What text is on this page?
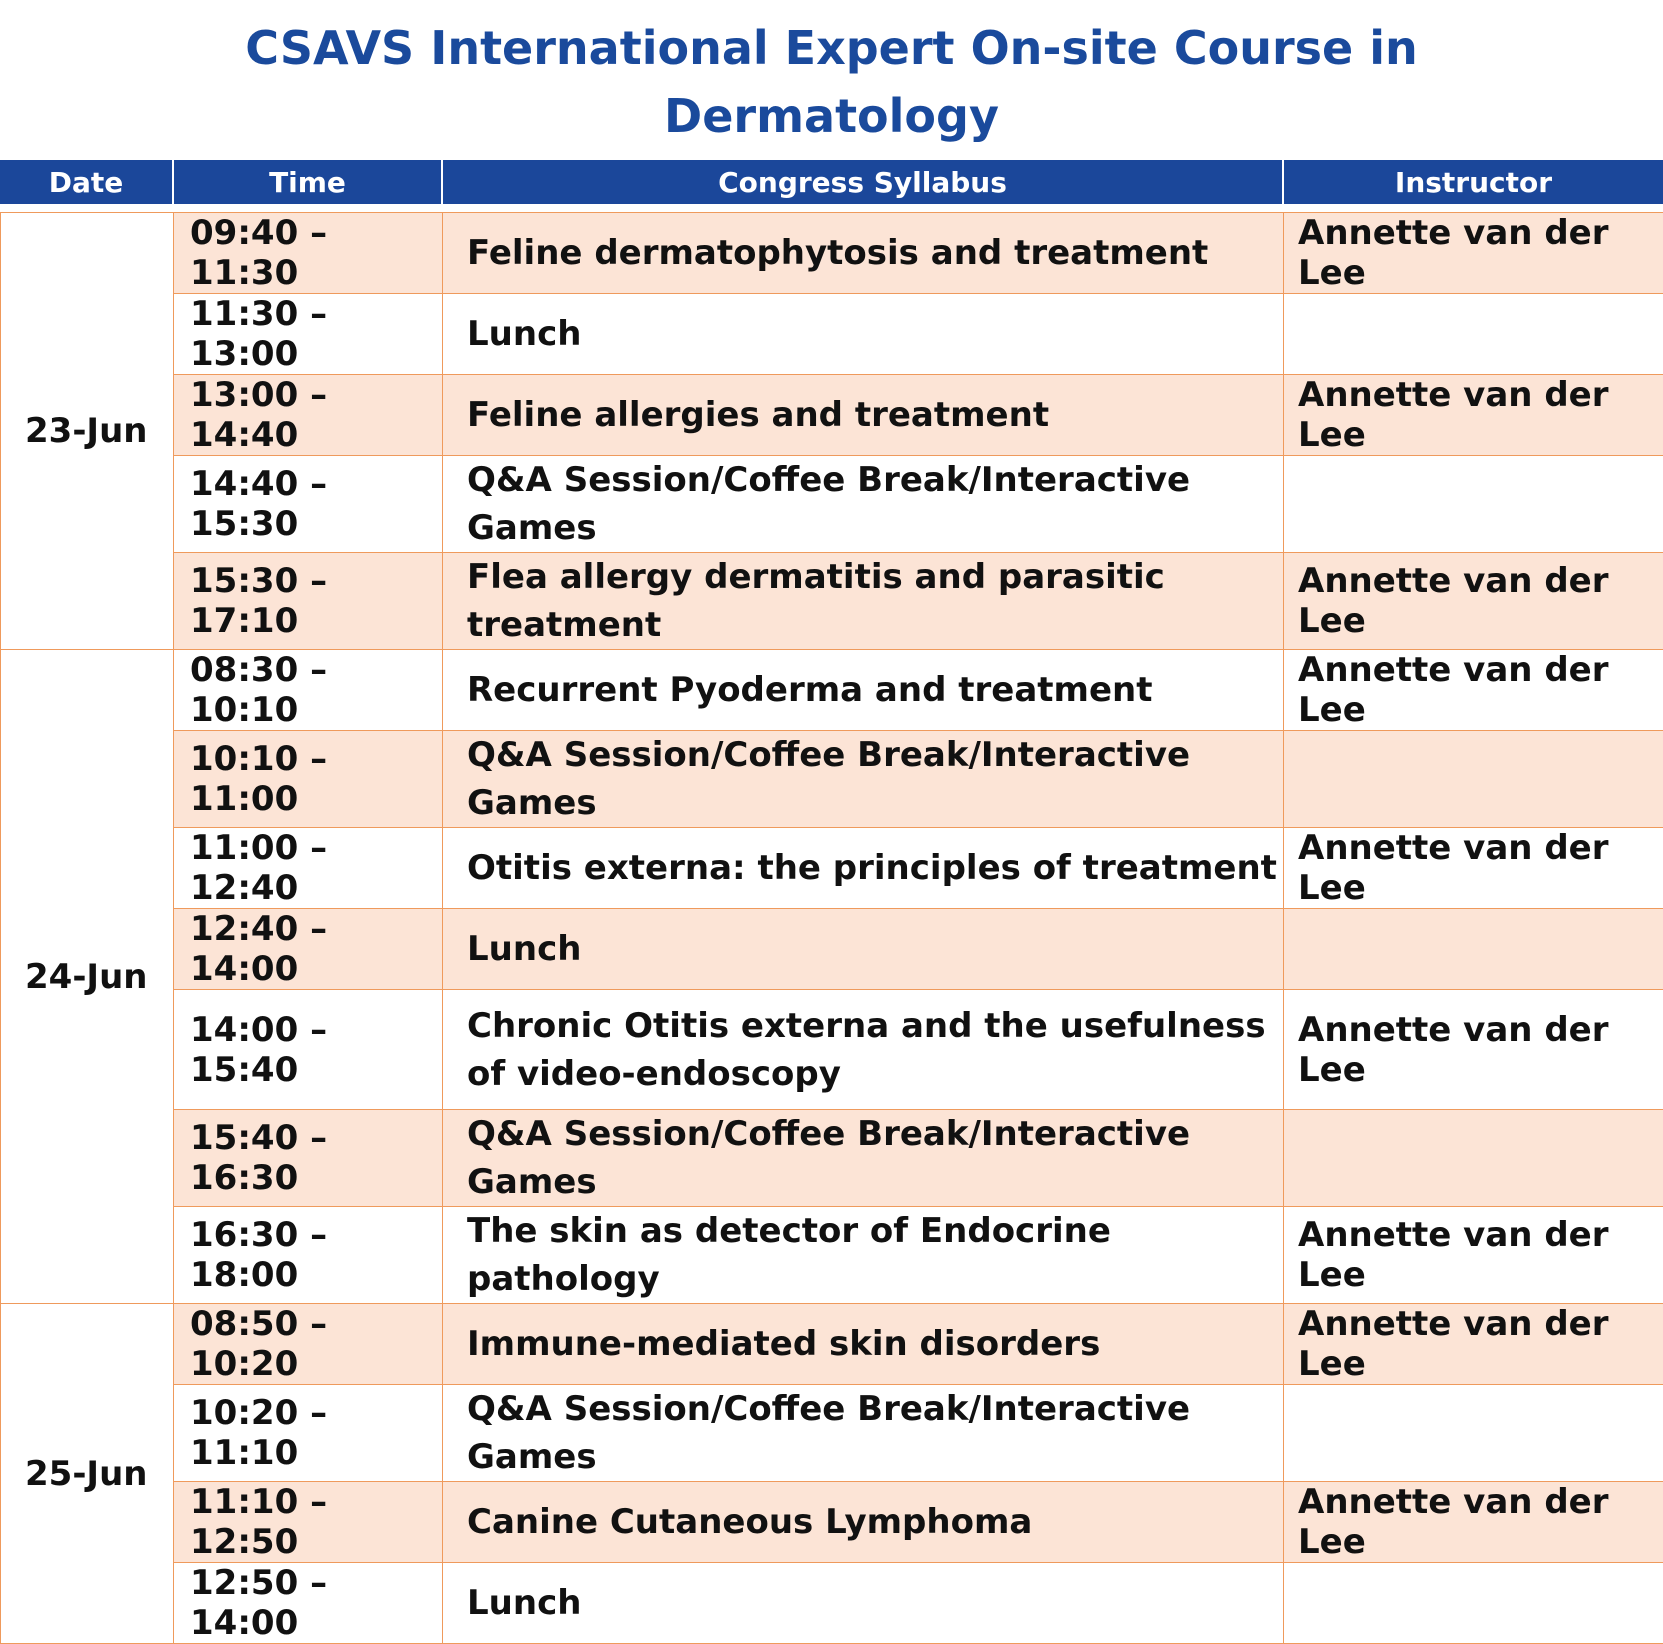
CSAVS International Expert On-site Course in
Dermatology
Date	Time	Congress Syllabus	Instructor
23-Jun	09:40 – 11:30	Feline dermatophytosis and treatment	Annette van der Lee
	11:30 – 13:00	Lunch	
	13:00 – 14:40	Feline allergies and treatment	Annette van der Lee
	14:40 – 15:30	Q&A Session/Coffee Break/Interactive Games	
	15:30 – 17:10	Flea allergy dermatitis and parasitic treatment	Annette van der Lee
24-Jun	08:30 – 10:10	Recurrent Pyoderma and treatment	Annette van der Lee
	10:10 – 11:00	Q&A Session/Coffee Break/Interactive Games	
	11:00 – 12:40	Otitis externa: the principles of treatment	Annette van der Lee
	12:40 – 14:00	Lunch	
	14:00 – 15:40	Chronic Otitis externa and the usefulness of video-endoscopy	Annette van der Lee
	15:40 – 16:30	Q&A Session/Coffee Break/Interactive Games	
	16:30 – 18:00	The skin as detector of Endocrine pathology	Annette van der Lee
25-Jun	08:50 – 10:20	Immune-mediated skin disorders	Annette van der Lee
	10:20 – 11:10	Q&A Session/Coffee Break/Interactive Games	
	11:10 – 12:50	Canine Cutaneous Lymphoma	Annette van der Lee
	12:50 – 14:00	Lunch	
